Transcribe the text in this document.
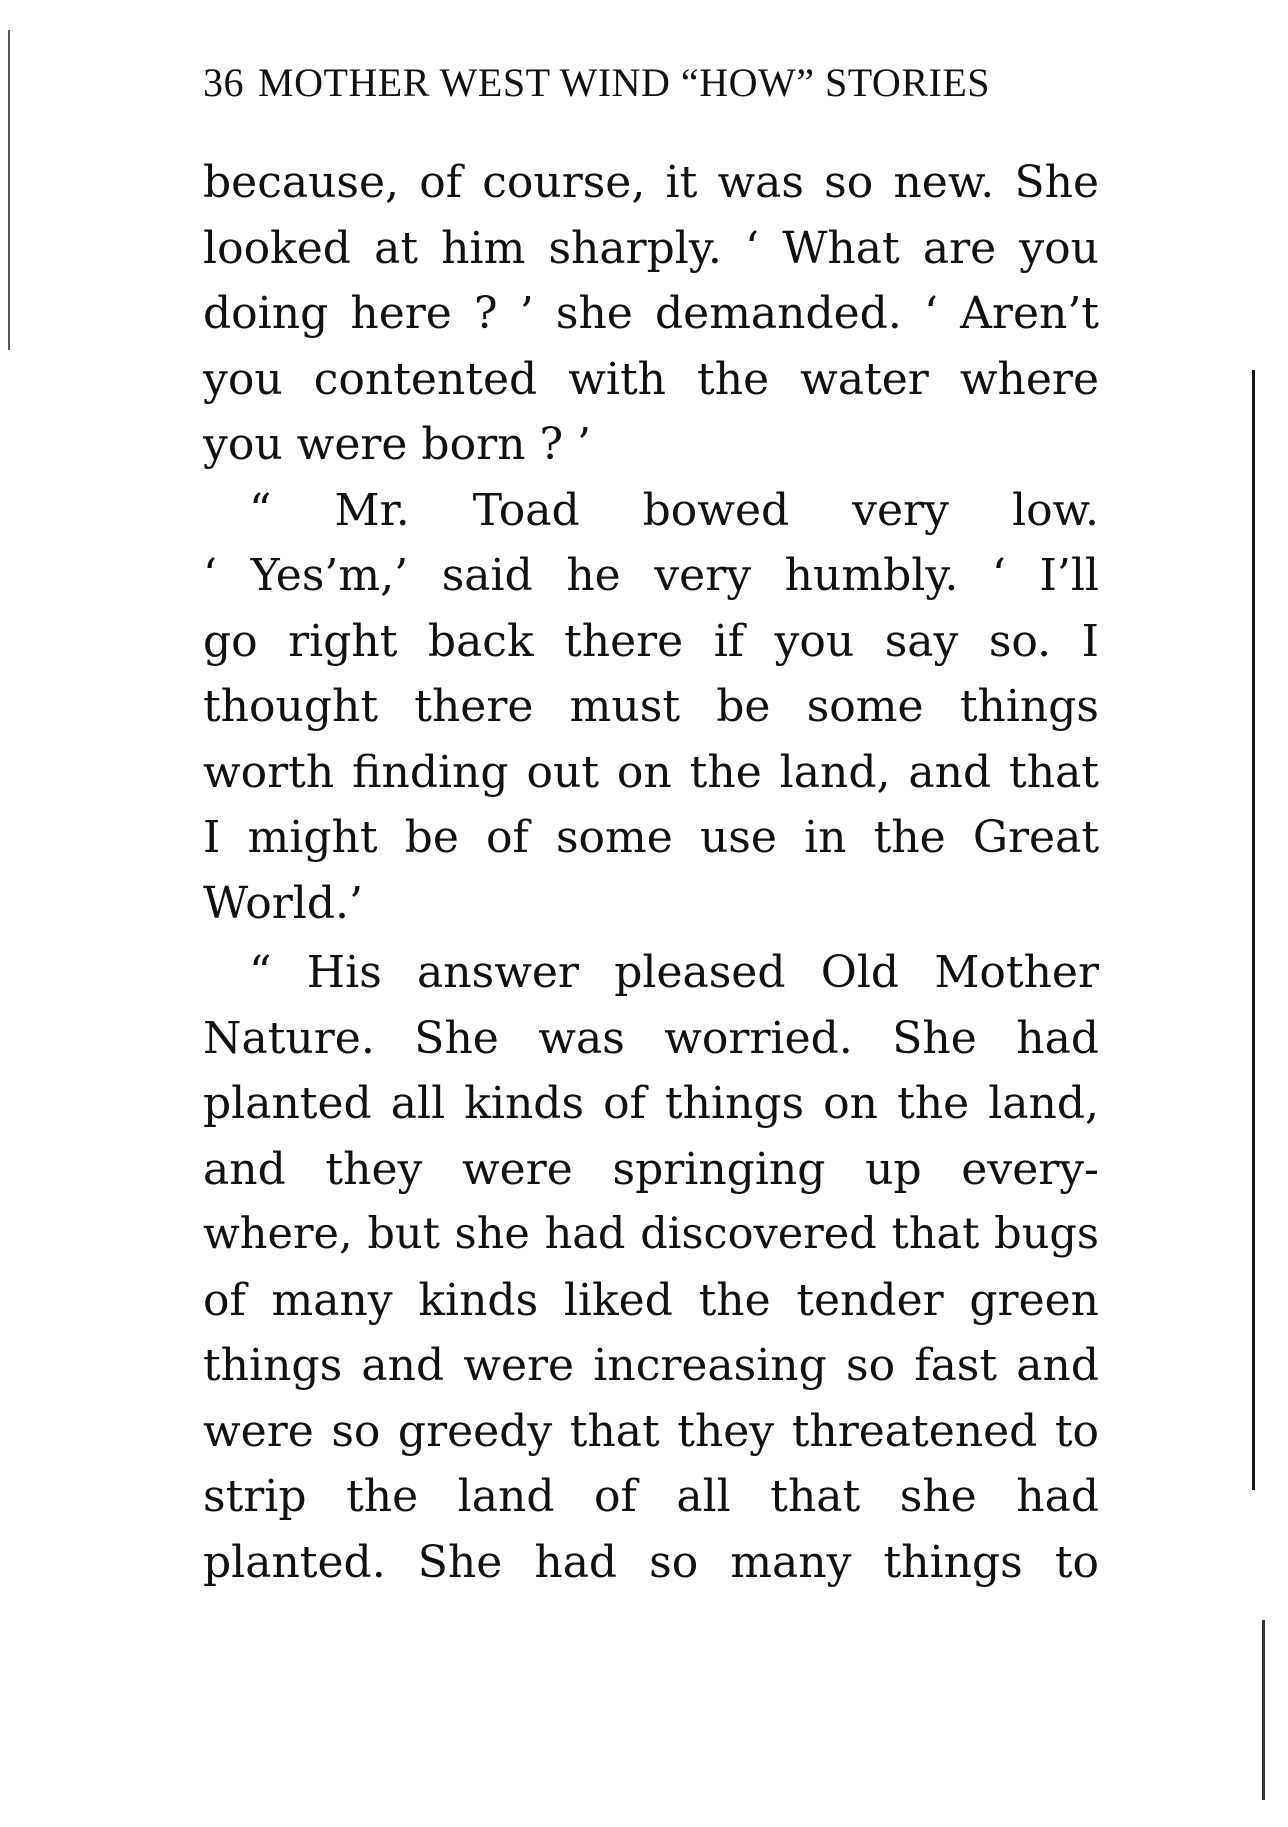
36 MOTHER WEST WIND “HOW” STORIES
because, of course, it was so new. She
looked at him sharply. ‘ What are you
doing here ? ’ she demanded. ‘ Aren’t
you contented with the water where
you were born ? ’
“ Mr. Toad bowed very low.
‘ Yes’m,’ said he very humbly. ‘ I’ll
go right back there if you say so. I
thought there must be some things
worth finding out on the land, and that
I might be of some use in the Great
World.’
“ His answer pleased Old Mother
Nature. She was worried. She had
planted all kinds of things on the land,
and they were springing up every-
where, but she had discovered that bugs
of many kinds liked the tender green
things and were increasing so fast and
were so greedy that they threatened to
strip the land of all that she had
planted. She had so many things to
